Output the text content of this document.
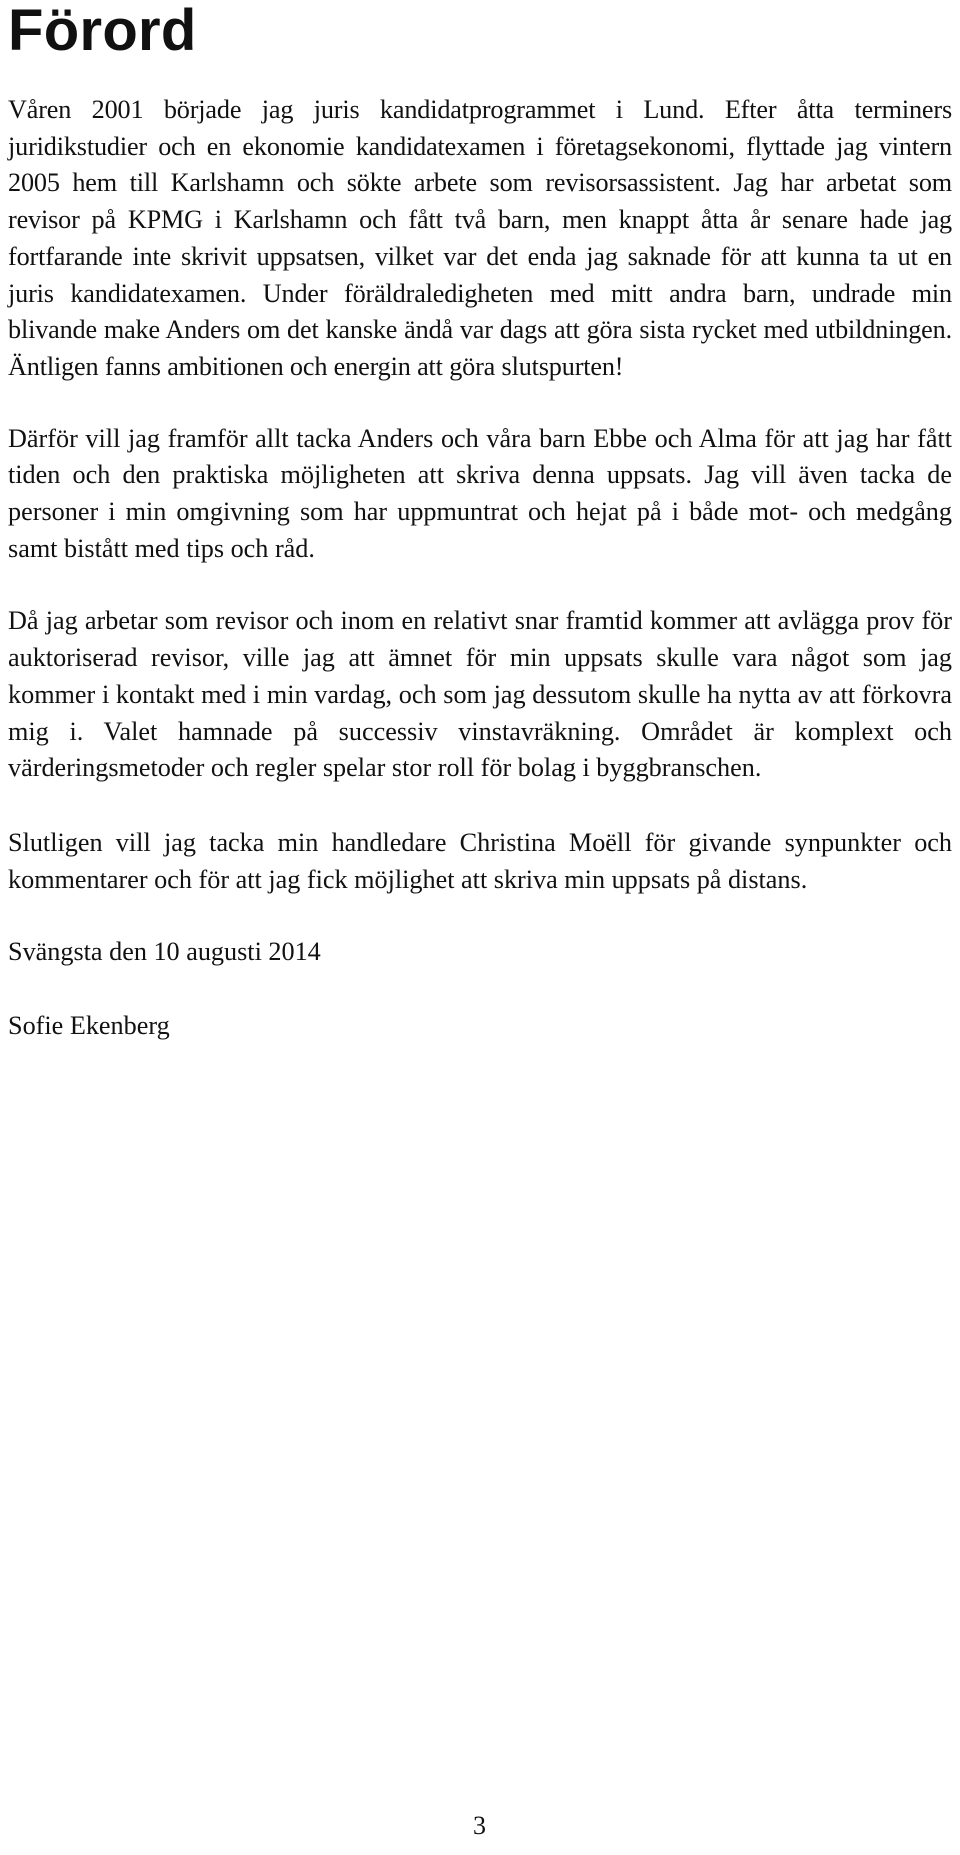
Förord

Våren 2001 började jag juris kandidatprogrammet i Lund. Efter åtta terminers juridikstudier och en ekonomie kandidatexamen i företagsekonomi, flyttade jag vintern 2005 hem till Karlshamn och sökte arbete som revisorsassistent. Jag har arbetat som revisor på KPMG i Karlshamn och fått två barn, men knappt åtta år senare hade jag fortfarande inte skrivit uppsatsen, vilket var det enda jag saknade för att kunna ta ut en juris kandidatexamen. Under föräldraledigheten med mitt andra barn, undrade min blivande make Anders om det kanske ändå var dags att göra sista rycket med utbildningen. Äntligen fanns ambitionen och energin att göra slutspurten!

Därför vill jag framför allt tacka Anders och våra barn Ebbe och Alma för att jag har fått tiden och den praktiska möjligheten att skriva denna uppsats. Jag vill även tacka de personer i min omgivning som har uppmuntrat och hejat på i både mot- och medgång samt bistått med tips och råd.

Då jag arbetar som revisor och inom en relativt snar framtid kommer att avlägga prov för auktoriserad revisor, ville jag att ämnet för min uppsats skulle vara något som jag kommer i kontakt med i min vardag, och som jag dessutom skulle ha nytta av att förkovra mig i. Valet hamnade på successiv vinstavräkning. Området är komplext och värderingsmetoder och regler spelar stor roll för bolag i byggbranschen.

Slutligen vill jag tacka min handledare Christina Moëll för givande synpunkter och kommentarer och för att jag fick möjlighet att skriva min uppsats på distans.

Svängsta den 10 augusti 2014

Sofie Ekenberg

3
